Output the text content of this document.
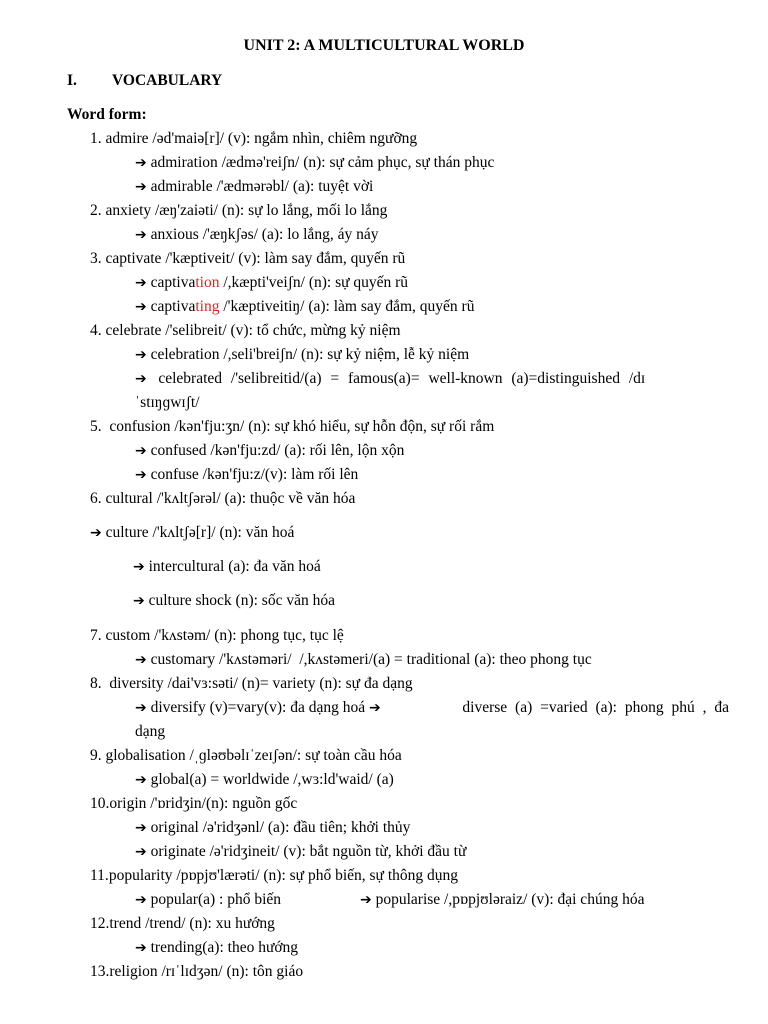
UNIT 2: A MULTICULTURAL WORLD
I. VOCABULARY
Word form:
1. admire /əd'maiə[r]/ (v): ngắm nhìn, chiêm ngưỡng
➔ admiration /ædmə'reiʃn/ (n): sự cảm phục, sự thán phục
➔ admirable /'ædmərəbl/ (a): tuyệt vời
2. anxiety /æŋ'zaiəti/ (n): sự lo lắng, mối lo lắng
➔ anxious /'æŋkʃəs/ (a): lo lắng, áy náy
3. captivate /'kæptiveit/ (v): làm say đắm, quyến rũ
➔ captivation /,kæpti'veiʃn/ (n): sự quyến rũ
➔ captivating /'kæptiveitiŋ/ (a): làm say đắm, quyến rũ
4. celebrate /'selibreit/ (v): tổ chức, mừng kỷ niệm
➔ celebration /,seli'breiʃn/ (n): sự kỷ niệm, lễ kỷ niệm
➔ celebrated /'selibreitid/(a) = famous(a)= well-known (a)=distinguished /dɪ
ˈstɪŋɡwɪʃt/
5. confusion /kən'fju:ʒn/ (n): sự khó hiểu, sự hỗn độn, sự rối rắm
➔ confused /kən'fju:zd/ (a): rối lên, lộn xộn
➔ confuse /kən'fju:z/(v): làm rối lên
6. cultural /'kʌltʃərəl/ (a): thuộc về văn hóa
➔ culture /'kʌltʃə[r]/ (n): văn hoá
➔ intercultural (a): đa văn hoá
➔ culture shock (n): sốc văn hóa
7. custom /'kʌstəm/ (n): phong tục, tục lệ
➔ customary /'kʌstəməri/  /,kʌstəmeri/(a) = traditional (a): theo phong tục
8. diversity /dai'vɜ:səti/ (n)= variety (n): sự đa dạng
➔ diversify (v)=vary(v): đa dạng hoá ➔	diverse (a) =varied (a): phong phú , đa
dạng
9. globalisation /ˌɡləʊbəlɪˈzeɪʃən/: sự toàn cầu hóa
➔ global(a) = worldwide /,wɜ:ld'waid/ (a)
10.origin /'ɒridʒin/(n): nguồn gốc
➔ original /ə'ridʒənl/ (a): đầu tiên; khởi thủy
➔ originate /ə'ridʒineit/ (v): bắt nguồn từ, khởi đầu từ
11.popularity /pɒpjʊ'lærəti/ (n): sự phổ biến, sự thông dụng
➔ popular(a) : phổ biến	➔ popularise /,pɒpjʊləraiz/ (v): đại chúng hóa
12.trend /trend/ (n): xu hướng
➔ trending(a): theo hướng
13.religion /rɪˈlɪdʒən/ (n): tôn giáo
